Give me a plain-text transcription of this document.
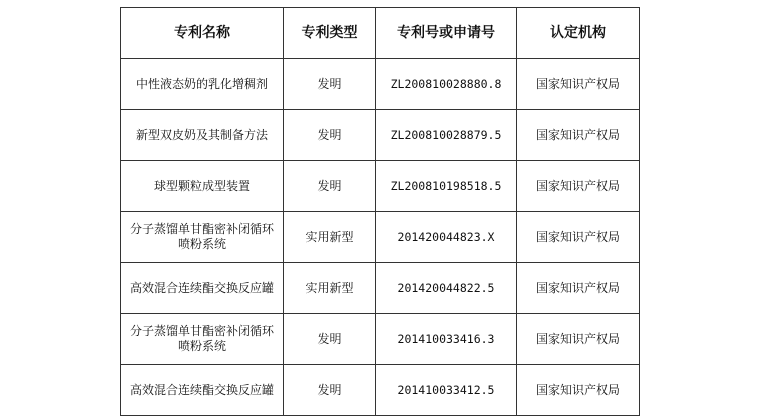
专利名称	专利类型	专利号或申请号	认定机构
中性液态奶的乳化增稠剂	发明	ZL200810028880.8	国家知识产权局
新型双皮奶及其制备方法	发明	ZL200810028879.5	国家知识产权局
球型颗粒成型装置	发明	ZL200810198518.5	国家知识产权局
分子蒸馏单甘酯密补闭循环喷粉系统	实用新型	201420044823.X	国家知识产权局
高效混合连续酯交换反应罐	实用新型	201420044822.5	国家知识产权局
分子蒸馏单甘酯密补闭循环喷粉系统	发明	201410033416.3	国家知识产权局
高效混合连续酯交换反应罐	发明	201410033412.5	国家知识产权局
